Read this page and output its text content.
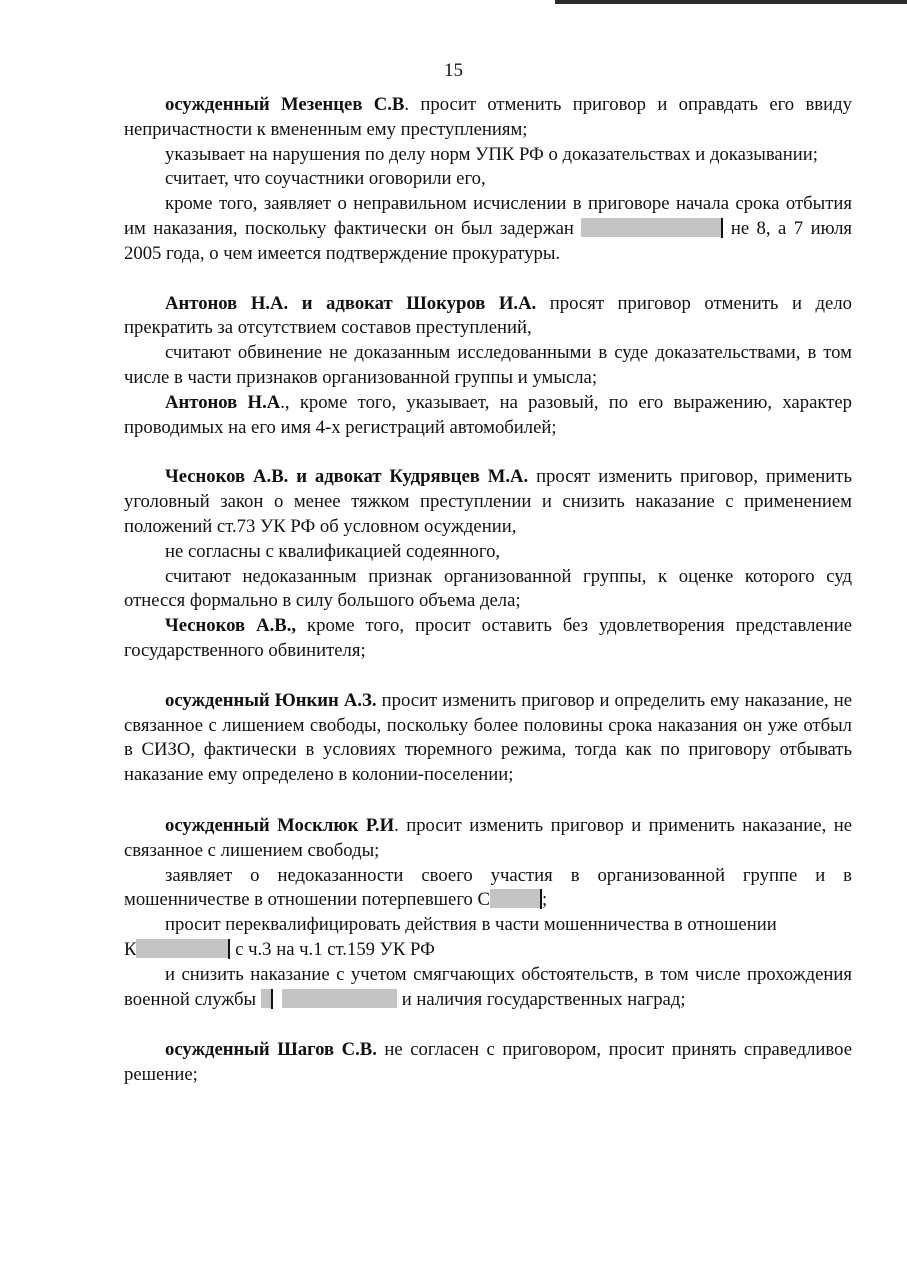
15

осужденный Мезенцев С.В. просит отменить приговор и оправдать его ввиду непричастности к вмененным ему преступлениям;

указывает на нарушения по делу норм УПК РФ о доказательствах и доказывании;

считает, что соучастники оговорили его,

кроме того, заявляет о неправильном исчислении в приговоре начала срока отбытия им наказания, поскольку фактически он был задержан	не 8, а 7 июля 2005 года, о чем имеется подтверждение прокуратуры.

Антонов Н.А. и адвокат Шокуров И.А. просят приговор отменить и дело прекратить за отсутствием составов преступлений,

считают обвинение не доказанным исследованными в суде доказательствами, в том числе в части признаков организованной группы и умысла;

Антонов Н.А., кроме того, указывает, на разовый, по его выражению, характер проводимых на его имя 4-х регистраций автомобилей;

Чесноков А.В. и адвокат Кудрявцев М.А. просят изменить приговор, применить уголовный закон о менее тяжком преступлении и снизить наказание с применением положений ст.73 УК РФ об условном осуждении,

не согласны с квалификацией содеянного,

считают недоказанным признак организованной группы, к оценке которого суд отнесся формально в силу большого объема дела;

Чесноков А.В., кроме того, просит оставить без удовлетворения представление государственного обвинителя;

осужденный Юнкин А.З. просит изменить приговор и определить ему наказание, не связанное с лишением свободы, поскольку более половины срока наказания он уже отбыл в СИЗО, фактически в условиях тюремного режима, тогда как по приговору отбывать наказание ему определено в колонии-поселении;

осужденный Москлюк Р.И. просит изменить приговор и применить наказание, не связанное с лишением свободы;

заявляет о недоказанности своего участия в организованной группе и в мошенничестве в отношении потерпевшего С	;

просит переквалифицировать действия в части мошенничества в отношении
К	с ч.3 на ч.1 ст.159 УК РФ

и снизить наказание с учетом смягчающих обстоятельств, в том числе прохождения военной службы	и наличия государственных наград;

осужденный Шагов С.В. не согласен с приговором, просит принять справедливое решение;
